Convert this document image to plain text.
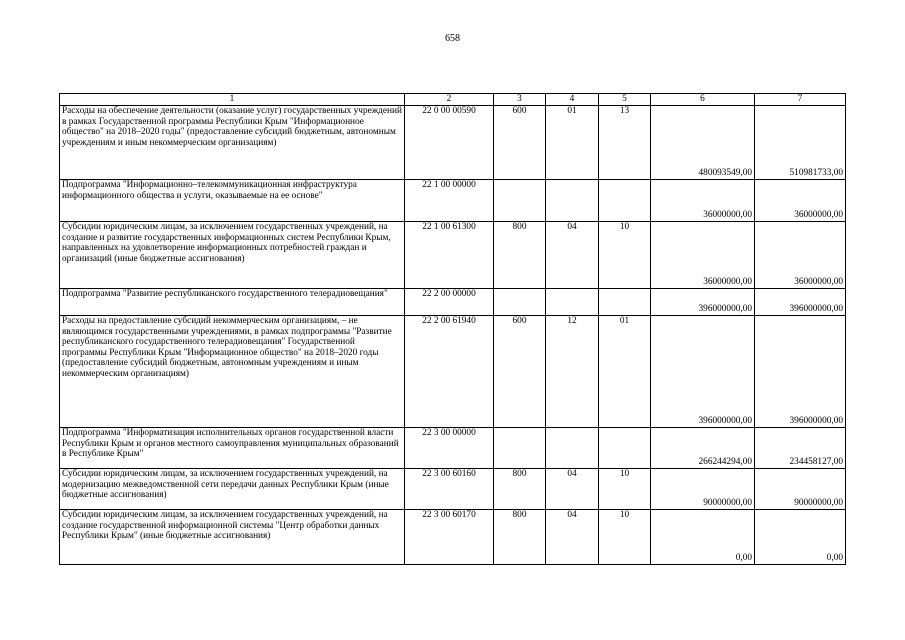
658
1	2	3	4	5	6	7
Расходы на обеспечение деятельности (оказание услуг) государственных учреждений в рамках Государственной программы Республики Крым "Информационное общество" на 2018–2020 годы" (предоставление субсидий бюджетным, автономным учреждениям и иным некоммерческим организациям)	22 0 00 00590	600	01	13	480093549,00	510981733,00
Подпрограмма "Информационно–телекоммуникационная инфраструктура информационного общества и услуги, оказываемые на ее основе"	22 1 00 00000				36000000,00	36000000,00
Субсидии юридическим лицам, за исключением государственных учреждений, на создание и развитие государственных информационных систем Республики Крым, направленных на удовлетворение информационных потребностей граждан и организаций (иные бюджетные ассигнования)	22 1 00 61300	800	04	10	36000000,00	36000000,00
Подпрограмма "Развитие республиканского государственного телерадиовещания"	22 2 00 00000				396000000,00	396000000,00
Расходы на предоставление субсидий некоммерческим организациям, – не являющимся государственными учреждениями, в рамках подпрограммы "Развитие республиканского государственного телерадиовещания" Государственной программы Республики Крым "Информационное общество" на 2018–2020 годы (предоставление субсидий бюджетным, автономным учреждениям и иным некоммерческим организациям)	22 2 00 61940	600	12	01	396000000,00	396000000,00
Подпрограмма "Информатизация исполнительных органов государственной власти Республики Крым и органов местного самоуправления муниципальных образований в Республике Крым"	22 3 00 00000				266244294,00	234458127,00
Субсидии юридическим лицам, за исключением государственных учреждений, на модернизацию межведомственной сети передачи данных Республики Крым (иные бюджетные ассигнования)	22 3 00 60160	800	04	10	90000000,00	90000000,00
Субсидии юридическим лицам, за исключением государственных учреждений, на создание государственной информационной системы "Центр обработки данных Республики Крым" (иные бюджетные ассигнования)	22 3 00 60170	800	04	10	0,00	0,00
